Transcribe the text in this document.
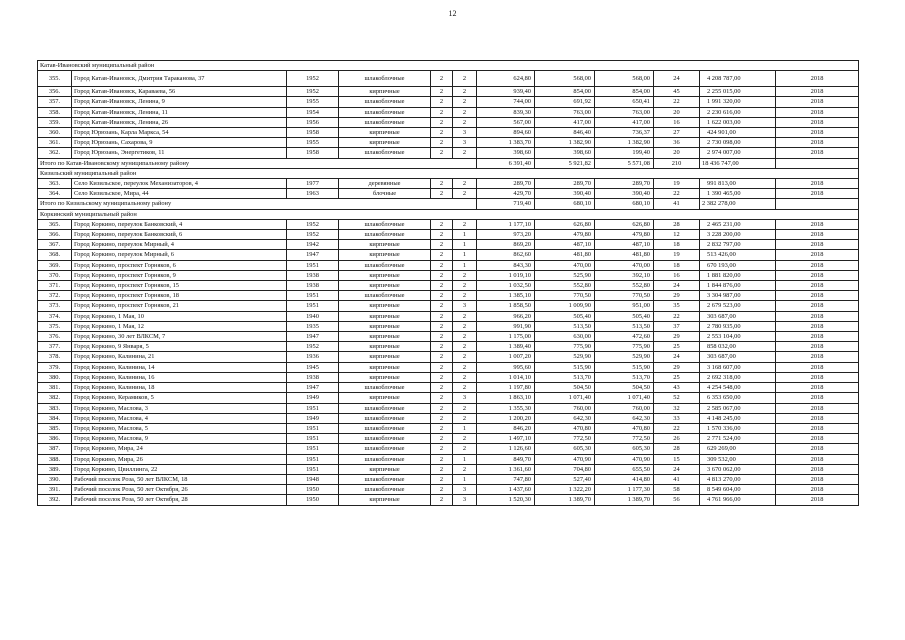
12
Катав-Ивановский муниципальный район											
355.	Город Катав-Ивановск, Дмитрия Тараканова, 37	1952	шлакоблочные	2	2	624,80	568,00	568,00	24	4 208 787,00	2018
356.	Город Катав-Ивановск, Караваева, 56	1952	кирпичные	2	2	939,40	854,00	854,00	45	2 255 015,00	2018
357.	Город Катав-Ивановск, Ленина, 9	1955	шлакоблочные	2	2	744,00	691,92	650,41	22	1 991 320,00	2018
358.	Город Катав-Ивановск, Ленина, 11	1954	шлакоблочные	2	2	839,30	763,00	763,00	20	2 230 616,00	2018
359.	Город Катав-Ивановск, Ленина, 26	1956	шлакоблочные	2	2	567,00	417,00	417,00	16	1 622 003,00	2018
360.	Город Юрюзань, Карла Маркса, 54	1958	кирпичные	2	3	894,60	846,40	736,37	27	424 901,00	2018
361.	Город Юрюзань, Сахарова, 9	1955	кирпичные	2	3	1 383,70	1 382,90	1 382,90	36	2 730 098,00	2018
362.	Город Юрюзань, Энергетиков, 11	1958	шлакоблочные	2	2	398,60	398,60	199,40	20	2 974 007,00	2018
Итого по Катав-Ивановскому муниципальному району						6 391,40	5 921,82	5 571,08	210	18 436 747,00	
Кизильский муниципальный район											
363.	Село Кизильское, переулок Механизаторов, 4	1977	деревянные	2	2	289,70	289,70	289,70	19	991 813,00	2018
364.	Село Кизильское, Мира, 44	1963	блочные	2	2	429,70	390,40	390,40	22	1 390 465,00	2018
Итого по Кизильскому муниципальному району						719,40	680,10	680,10	41	2 382 278,00	
Коркинский муниципальный район											
365.	Город Коркино, переулок Банковский, 4	1952	шлакоблочные	2	2	1 177,10	626,80	626,80	28	2 465 231,00	2018
366.	Город Коркино, переулок Банковский, 6	1952	шлакоблочные	2	1	973,20	479,80	479,80	12	3 228 200,00	2018
367.	Город Коркино, переулок Мирный, 4	1942	кирпичные	2	1	869,20	487,10	487,10	18	2 832 797,00	2018
368.	Город Коркино, переулок Мирный, 6	1947	кирпичные	2	1	862,60	481,80	481,80	19	513 426,00	2018
369.	Город Коркино, проспект Горняков, 6	1951	шлакоблочные	2	1	843,30	470,00	470,00	18	670 193,00	2018
370.	Город Коркино, проспект Горняков, 9	1938	кирпичные	2	2	1 019,10	525,90	392,10	16	1 881 820,00	2018
371.	Город Коркино, проспект Горняков, 15	1938	кирпичные	2	2	1 032,50	552,80	552,80	24	1 844 876,00	2018
372.	Город Коркино, проспект Горняков, 18	1951	шлакоблочные	2	2	1 385,10	770,50	770,50	29	3 304 987,00	2018
373.	Город Коркино, проспект Горняков, 21	1951	кирпичные	2	3	1 858,50	1 009,90	951,00	35	2 679 523,00	2018
374.	Город Коркино, 1 Мая, 10	1940	кирпичные	2	2	966,20	505,40	505,40	22	303 687,00	2018
375.	Город Коркино, 1 Мая, 12	1935	кирпичные	2	2	991,90	513,50	513,50	37	2 780 935,00	2018
376.	Город Коркино, 30 лет ВЛКСМ, 7	1947	кирпичные	2	2	1 175,00	630,00	472,60	29	2 553 104,00	2018
377.	Город Коркино, 9 Января, 5	1952	кирпичные	2	2	1 389,40	775,90	775,90	25	858 032,00	2018
378.	Город Коркино, Калинина, 21	1936	кирпичные	2	2	1 007,20	529,90	529,90	24	303 687,00	2018
379.	Город Коркино, Калинина, 14	1945	кирпичные	2	2	995,60	515,90	515,90	29	3 168 607,00	2018
380.	Город Коркино, Калинина, 16	1938	кирпичные	2	2	1 014,10	513,70	513,70	25	2 692 318,00	2018
381.	Город Коркино, Калинина, 18	1947	шлакоблочные	2	2	1 197,80	504,50	504,50	43	4 254 548,00	2018
382.	Город Коркино, Керамиков, 5	1949	кирпичные	2	3	1 863,10	1 071,40	1 071,40	52	6 353 650,00	2018
383.	Город Коркино, Маслова, 3	1951	шлакоблочные	2	2	1 355,30	760,00	760,00	32	2 585 067,00	2018
384.	Город Коркино, Маслова, 4	1949	шлакоблочные	2	2	1 200,20	642,30	642,30	33	4 148 245,00	2018
385.	Город Коркино, Маслова, 5	1951	шлакоблочные	2	1	846,20	470,80	470,80	22	1 570 336,00	2018
386.	Город Коркино, Маслова, 9	1951	шлакоблочные	2	2	1 497,10	772,50	772,50	26	2 771 524,00	2018
387.	Город Коркино, Мира, 24	1951	шлакоблочные	2	2	1 126,60	605,30	605,30	28	629 269,00	2018
388.	Город Коркино, Мира, 26	1951	шлакоблочные	2	1	849,70	470,90	470,90	15	309 532,00	2018
389.	Город Коркино, Цвиллинга, 22	1951	кирпичные	2	2	1 361,60	704,80	655,50	24	3 670 062,00	2018
390.	Рабочий поселок Роза, 50 лет ВЛКСМ, 18	1948	шлакоблочные	2	1	747,80	527,40	414,80	41	4 813 270,00	2018
391.	Рабочий поселок Роза, 50 лет Октября, 26	1950	шлакоблочные	2	3	1 437,60	1 322,20	1 177,30	58	8 549 604,00	2018
392.	Рабочий поселок Роза, 50 лет Октября, 28	1950	кирпичные	2	3	1 520,30	1 389,70	1 389,70	56	4 761 966,00	2018
